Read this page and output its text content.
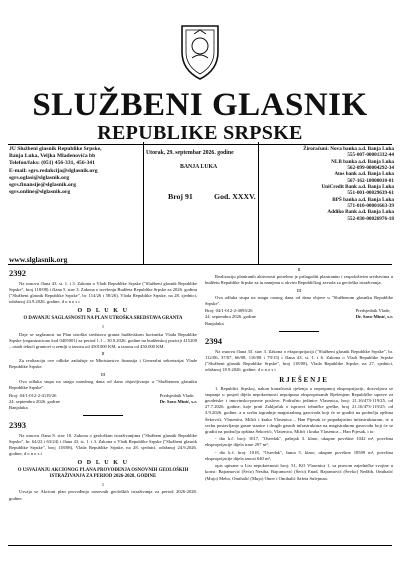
SLUŽBENI GLASNIK
REPUBLIKE SRPSKE
JU Službeni glasnik Republike Srpske,
Banja Luka, Veljka Mlađenovića bb
Telefon/faks: (051) 456-331, 456-341
E-mail: sgrs.redakcija@slglasnik.org
sgrs.oglasi@slglasnik.org
sgrs.finansije@slglasnik.org
sgrs.online@slglasnik.org
www.slglasnik.org
Utorak, 29. septembar 2026. godine
BANJA LUKA
Broj 91	God. XXXV.
Žiroračuni: Nova banka a.d. Banja Luka
555-007-00001332-44
NLB banka a.d. Banja Luka
562-099-00004292-34
Atos bank a.d. Banja Luka
567-162-10000010-81
UniCredit Bank a.d. Banja Luka
551-001-00029639-61
BPŠ banka a.d. Banja Luka
571-010-00001663-39
Addiko Bank a.d. Banja Luka
552-030-00026976-18

2392

Na osnovu člana 43. st. 1. i 3. Zakona o Vladi Republike Srpske ("Službeni glasnik Republike Srpske", broj 118/08) i člana 5. stav 3. Zakona o izvršenju Budžeta Republike Srpske za 2026. godinu ("Službeni glasnik Republike Srpske", br. 114/26 i 58/26), Vlada Republike Srpske, na 28. sjednici, održanoj 24.9.2026. godine, d o n o s i

O D L U K U

O DAVANJU SAGLASNOSTI NA PLAN UTROŠKA SREDSTAVA GRANTA

I

Daje se saglasnost na Plan utroška sredstava granta budžetskom korisniku Vlada Republike Srpske (organizaciono kod 0405001) za period 1.1 – 30.9.2026. godine na budžetskoj poziciji 415200 – ostali tekući grantovi u zemlji u iznosu od 4501000 KM, u iznosu od 450.000 KM.

II

Za realizaciju ove odluke zadužuje se Ministarstvo finansija i Generalni sekretarijat Vlade Republike Srpske.

III

Ova odluka stupa na snagu narednog dana od dana objavljivanja u "Službenom glasniku Republike Srpske".

Broj: 04/1-012-2-4119/26
24. septembra 2026. godine
Banjaluka
Predsjednik Vlade,
Dr. Savo Minić, s.r.

2393

Na osnovu člana 8. stav 10. Zakona o geološkim istraživanjima ("Službeni glasnik Republike Srpske", br. 64/22 i 63/24) i člana 43. st. 1. i 3. Zakona o Vladi Republike Srpske ("Službeni glasnik Republike Srpske", broj 118/08), Vlada Republike Srpske, na 28. sjednici, održanoj 24.9.2026. godine, d o n o s i

O D L U K U

O USVAJANJU AKCIONOG PLANA PROVOĐENJA OSNOVNIH GEOLOŠKIH ISTRAŽIVANJA ZA PERIOD 2026-2028. GODINE

I

Usvaja se Akcioni plan provođenja osnovnih geoloških istraživanja za period 2026-2028. godine.

II

Realizaciju planiranih aktivnosti potrebno je prilagoditi planiranim i raspoloživim sredstvima u budžetu Republike Srpske za tu namjenu u okviru Republičkog zavoda za geološka istraživanja.

III

Ova odluka stupa na snagu osmog dana od dana objave u "Službenom glasniku Republike Srpske".

Broj: 04/1-012-2-4093/26
24. septembra 2026. godine
Banjaluka
Predsjednik Vlade,
Dr. Savo Minić, s.r.

2394

Na osnovu člana 33. stav 3. Zakona o eksproprijaciji ("Službeni glasnik Republike Srpske", br. 112/06, 37/07, 66/08, 110/08 i 79/15) i člana 43. st. 1. i 6. Zakona o Vladi Republike Srpske ("Službeni glasnik Republike Srpske", broj 118/08), Vlada Republike Srpske, na 27. sjednici, održanoj 18.9.2026. godine, d o n o s i

RJEŠENJE

1. Republici Srpskoj, nakon konačnosti rješenja o nepotpunoj eksproprijaciji, dozvoljava se stupanje u posjed dijela nepokretnosti nepotpuno eksproprisanih Rješenjem Republičke uprave za geodetske i imovinsko-pravne poslove, Područno jedinice Vlasenica, broj: 21.16/473-119/25, od 27.7.2026. godine, koje prati Zaključak o ispravci tehničke greške, broj 21.16/473-119/25, od 3.9.2026. godine, a u svrhu izgradnje magistralnog gasovoda koji će se graditi na području opština Šekovići, Vlasenica, Milići i kraka Vlasenica – Han Pijesak te pripadajućim infrastrukturom, te u svrhu postavljanja gasne stanice i drugih gasnih infrastruktura na magistralnom gasovodu koji će se graditi na području opština Šekovići, Vlasenica, Milići i kraka Vlasenica – Han Pijesak, i to:

- dio k.č. broj: 1017, "Osredak", pašnjak 3. klase, ukupne površine 1042 m², površina eksproprijacije dijela trase 297 m²,

- dio k.č. broj: 1018, "Osredak", šuma 5. klase, ukupne površine 18509 m², površina eksproprijacije dijela iznosi 640 m²,

opis upisane u List nepokretnosti broj: 51, KO Vlasenica 1, sa pravom zajedničke svojine u korist: Bajramović (Šećo) Nesiha, Bajramović (Šećo) Enad, Bajramović (Ševko) Nedžib, Omihalić (Mujo) Meho, Omihalić (Mujo) Omer i Omihalić Safeta Sulejman.
